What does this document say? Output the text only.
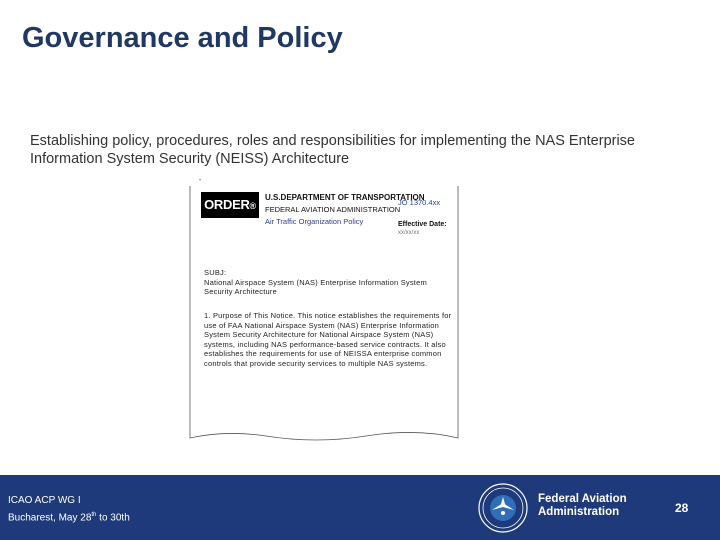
Governance and Policy

Establishing policy, procedures, roles and responsibilities for implementing the NAS Enterprise Information System Security (NEISS) Architecture

•
ORDER®
U.S.DEPARTMENT OF TRANSPORTATION
FEDERAL AVIATION ADMINISTRATION
Air Traffic Organization Policy
JO 1370.4xx
Effective Date:
xx/xx/xx

SUBJ:
National Airspace System (NAS) Enterprise Information System Security Architecture

1. Purpose of This Notice. This notice establishes the requirements for use of FAA National Airspace System (NAS) Enterprise Information System Security Architecture for National Airspace System (NAS) systems, including NAS performance-based service contracts. It also establishes the requirements for use of NEISSA enterprise common controls that provide security services to multiple NAS systems.

ICAO ACP WG I
Bucharest, May 28th to 30th
Federal Aviation
Administration	28
